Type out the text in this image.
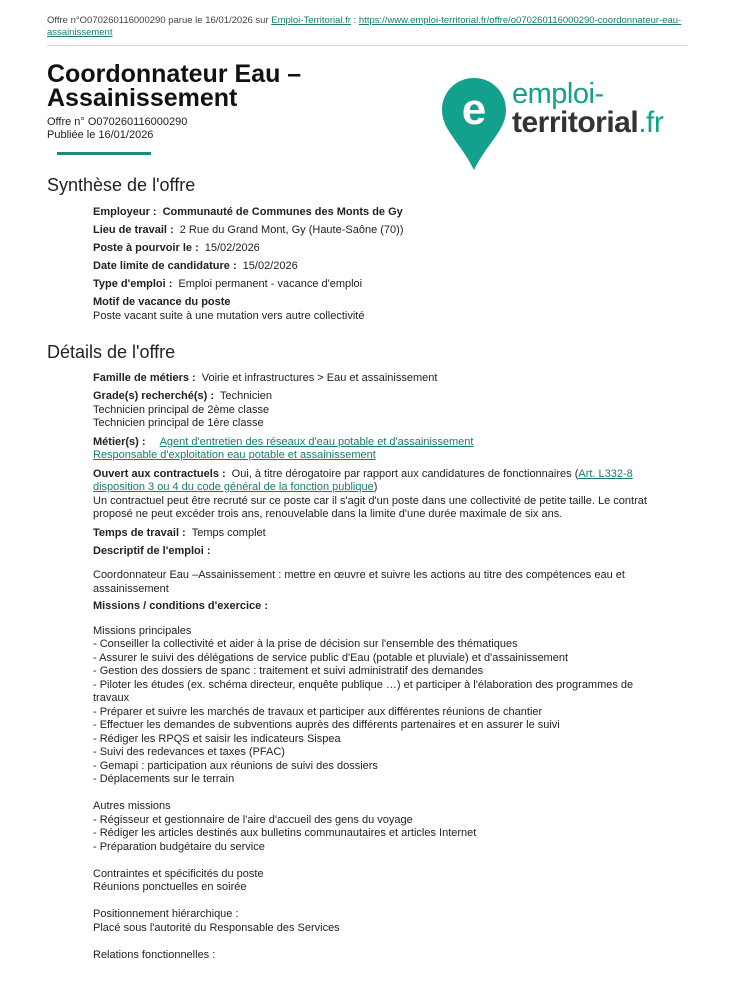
Offre n°O070260116000290 parue le 16/01/2026 sur Emploi-Territorial.fr : https://www.emploi-territorial.fr/offre/o070260116000290-coordonnateur-eau-assainissement
Coordonnateur Eau –Assainissement
Offre n° O070260116000290
Publiée le 16/01/2026
e emploi-
territorial.fr
Synthèse de l'offre

Employeur : Communauté de Communes des Monts de Gy

Lieu de travail : 2 Rue du Grand Mont, Gy (Haute-Saône (70))

Poste à pourvoir le : 15/02/2026

Date limite de candidature : 15/02/2026

Type d'emploi : Emploi permanent - vacance d'emploi

Motif de vacance du poste

Poste vacant suite à une mutation vers autre collectivité

Détails de l'offre

Famille de métiers : Voirie et infrastructures > Eau et assainissement

Grade(s) recherché(s) : Technicien

Technicien principal de 2ème classe

Technicien principal de 1ère classe

Métier(s) : Agent d'entretien des réseaux d'eau potable et d'assainissement

Responsable d'exploitation eau potable et assainissement

Ouvert aux contractuels : Oui, à titre dérogatoire par rapport aux candidatures de fonctionnaires (Art. L332-8 disposition 3 ou 4 du code général de la fonction publique)

Un contractuel peut être recruté sur ce poste car il s'agit d'un poste dans une collectivité de petite taille. Le contrat proposé ne peut excéder trois ans, renouvelable dans la limite d'une durée maximale de six ans.

Temps de travail : Temps complet

Descriptif de l'emploi :

Coordonnateur Eau –Assainissement : mettre en œuvre et suivre les actions au titre des compétences eau et assainissement

Missions / conditions d'exercice :

Missions principales
- Conseiller la collectivité et aider à la prise de décision sur l'ensemble des thématiques
- Assurer le suivi des délégations de service public d'Eau (potable et pluviale) et d'assainissement
- Gestion des dossiers de spanc : traitement et suivi administratif des demandes
- Piloter les études (ex. schéma directeur, enquête publique …) et participer à l'élaboration des programmes de travaux
- Préparer et suivre les marchés de travaux et participer aux différentes réunions de chantier
- Effectuer les demandes de subventions auprès des différents partenaires et en assurer le suivi
- Rédiger les RPQS et saisir les indicateurs Sispea
- Suivi des redevances et taxes (PFAC)
- Gemapi : participation aux réunions de suivi des dossiers
- Déplacements sur le terrain

Autres missions
- Régisseur et gestionnaire de l'aire d'accueil des gens du voyage
- Rédiger les articles destinés aux bulletins communautaires et articles Internet
- Préparation budgétaire du service

Contraintes et spécificités du poste
Réunions ponctuelles en soirée

Positionnement hiérarchique :
Placé sous l'autorité du Responsable des Services

Relations fonctionnelles :
